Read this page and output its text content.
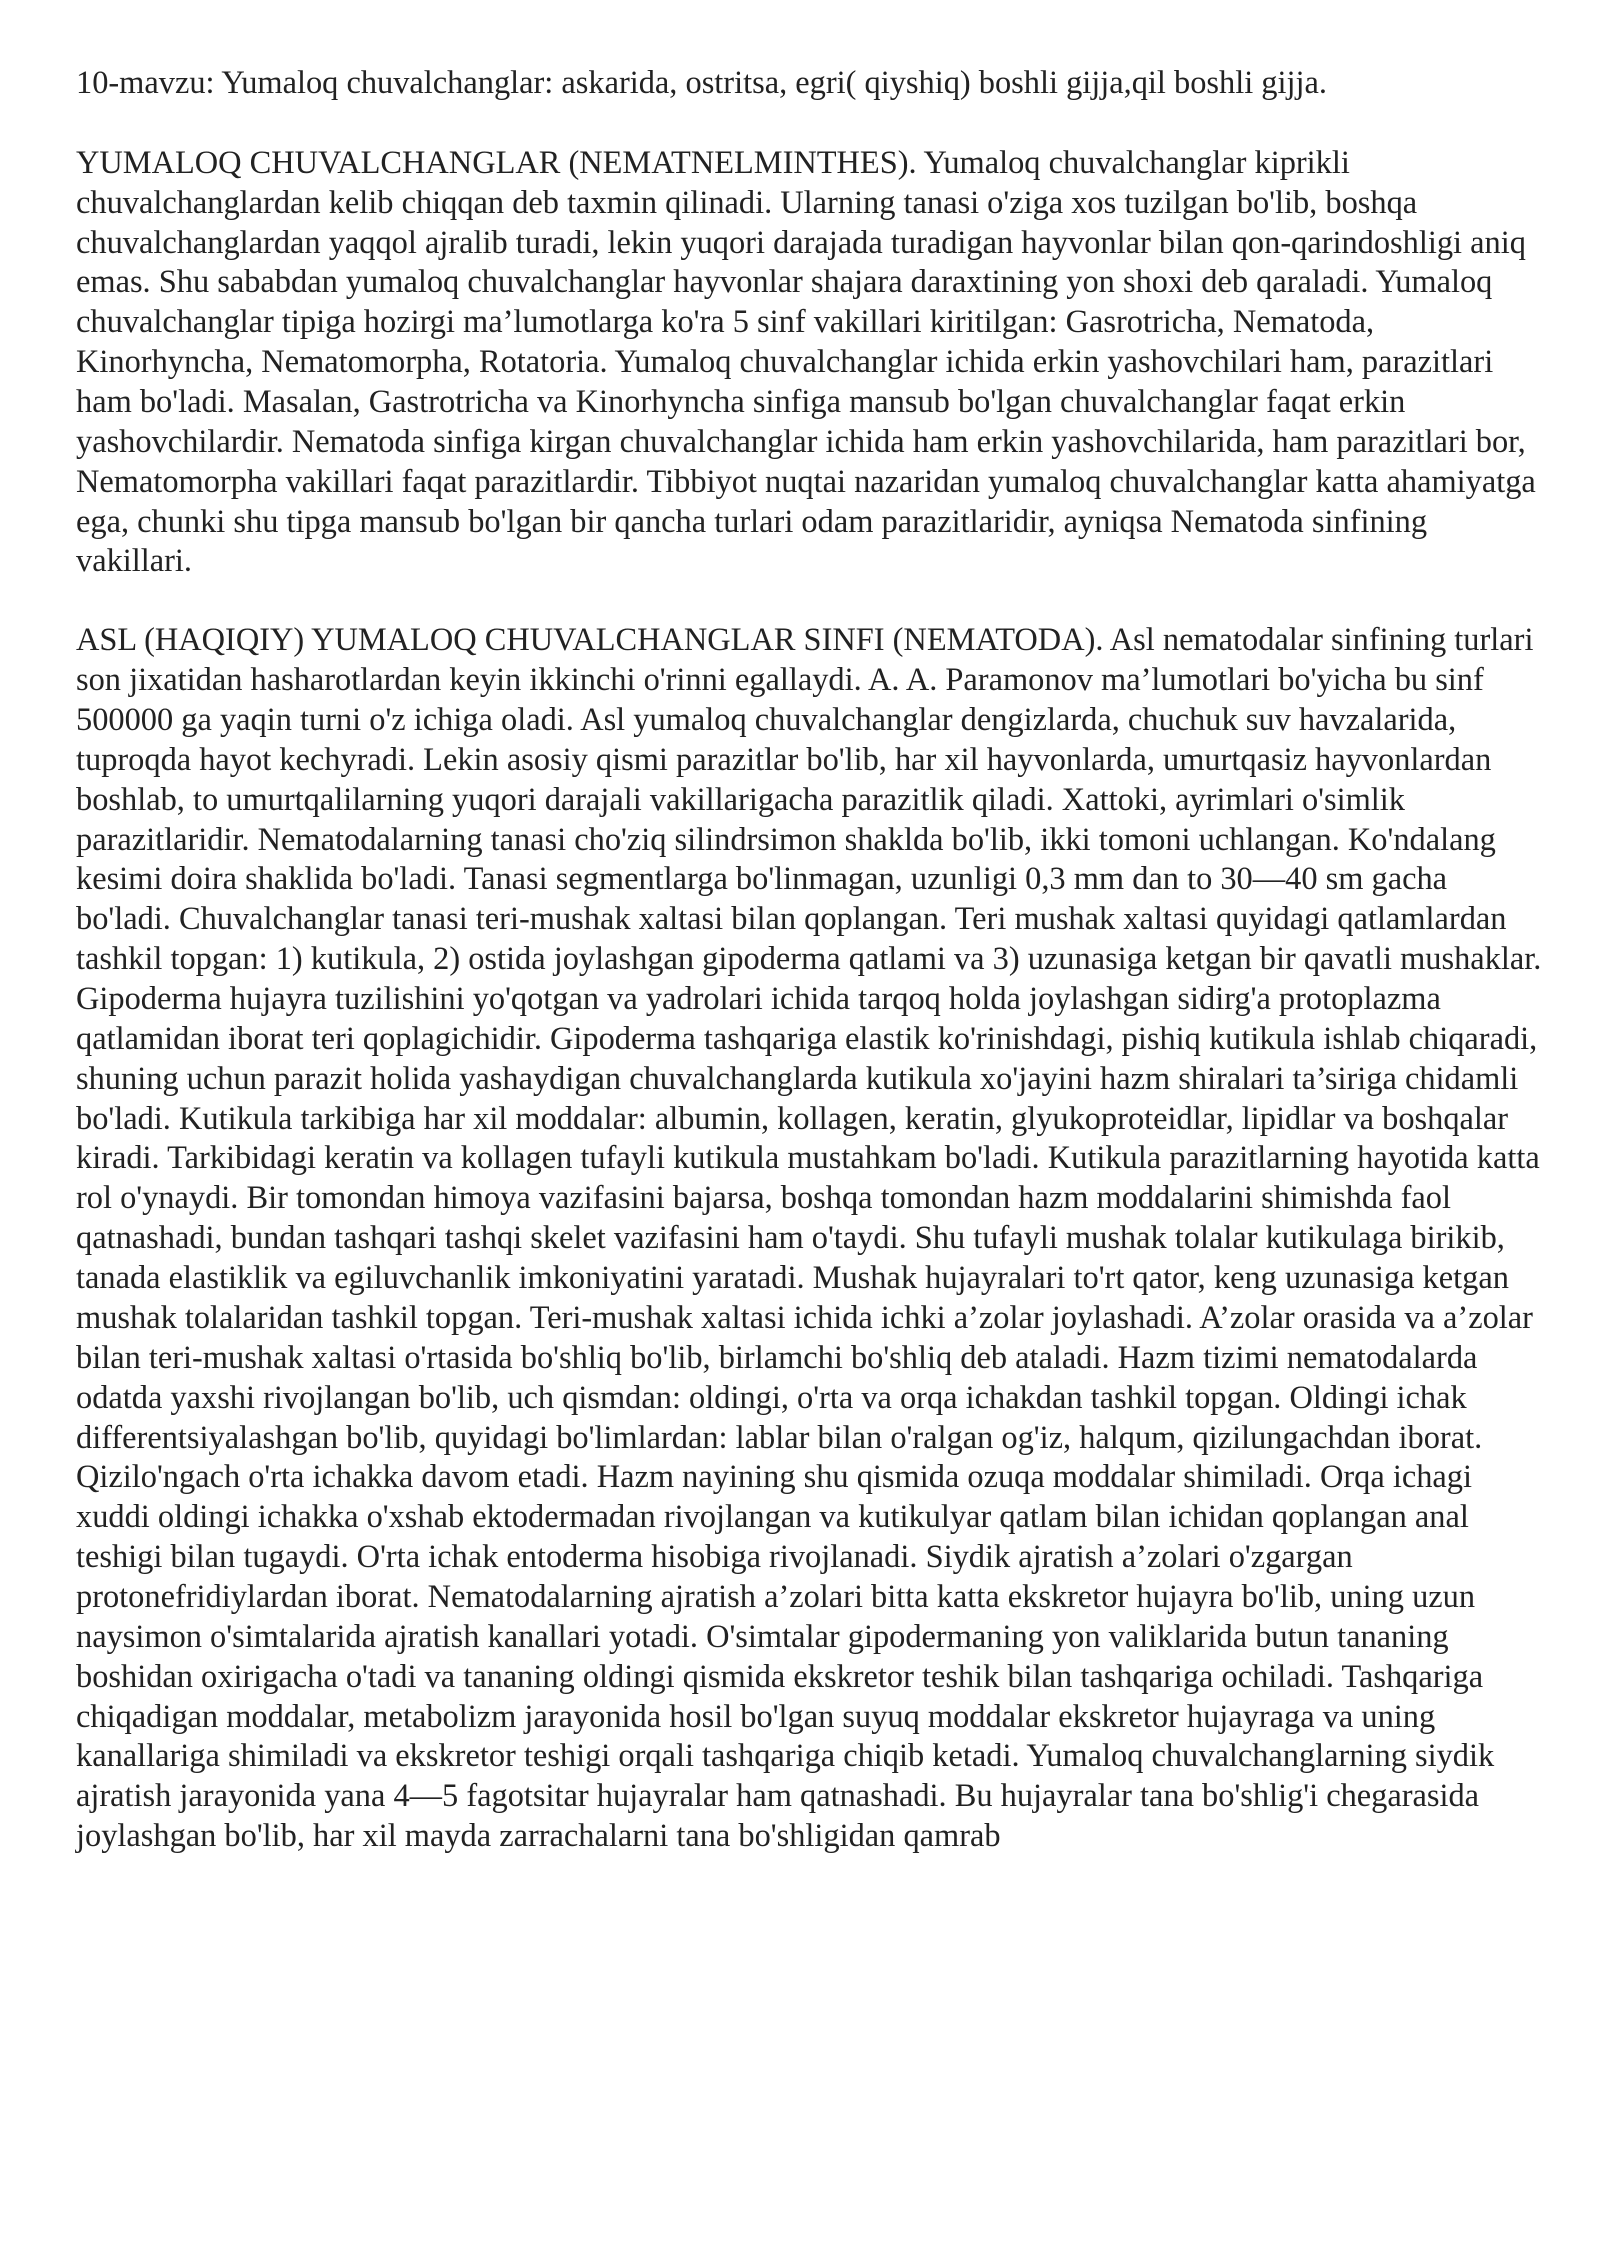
10-mavzu: Yumaloq chuvalchanglar: askarida, ostritsa, egri( qiyshiq) boshli gijja,qil boshli gijja.

YUMALOQ CHUVALCHANGLAR (NEMATNELMINTHES). Yumaloq chuvalchanglar kiprikli chuvalchanglardan kelib chiqqan deb taxmin qilinadi. Ularning tanasi o'ziga xos tuzilgan bo'lib, boshqa chuvalchanglardan yaqqol ajralib turadi, lekin yuqori darajada turadigan hayvonlar bilan qon-qarindoshligi aniq emas. Shu sababdan yumaloq chuvalchanglar hayvonlar shajara daraxtining yon shoxi deb qaraladi. Yumaloq chuvalchanglar tipiga hozirgi ma’lumotlarga ko'ra 5 sinf vakillari kiritilgan: Gasrotricha, Nematoda, Kinorhyncha, Nematomorpha, Rotatoria. Yumaloq chuvalchanglar ichida erkin yashovchilari ham, parazitlari ham bo'ladi. Masalan, Gastrotricha va Kinorhyncha sinfiga mansub bo'lgan chuvalchanglar faqat erkin yashovchilardir. Nematoda sinfiga kirgan chuvalchanglar ichida ham erkin yashovchilarida, ham parazitlari bor, Nematomorpha vakillari faqat parazitlardir. Tibbiyot nuqtai nazaridan yumaloq chuvalchanglar katta ahamiyatga ega, chunki shu tipga mansub bo'lgan bir qancha turlari odam parazitlaridir, ayniqsa Nematoda sinfining vakillari.

ASL (HAQIQIY) YUMALOQ CHUVALCHANGLAR SINFI (NEMATODA). Asl nematodalar sinfining turlari son jixatidan hasharotlardan keyin ikkinchi o'rinni egallaydi. A. A. Paramonov ma’lumotlari bo'yicha bu sinf 500000 ga yaqin turni o'z ichiga oladi. Asl yumaloq chuvalchanglar dengizlarda, chuchuk suv havzalarida, tuproqda hayot kechyradi. Lekin asosiy qismi parazitlar bo'lib, har xil hayvonlarda, umurtqasiz hayvonlardan boshlab, to umurtqalilarning yuqori darajali vakillarigacha parazitlik qiladi. Xattoki, ayrimlari o'simlik parazitlaridir. Nematodalarning tanasi cho'ziq silindrsimon shaklda bo'lib, ikki tomoni uchlangan. Ko'ndalang kesimi doira shaklida bo'ladi. Tanasi segmentlarga bo'linmagan, uzunligi 0,3 mm dan to 30—40 sm gacha bo'ladi. Chuvalchanglar tanasi teri-mushak xaltasi bilan qoplangan. Teri mushak xaltasi quyidagi qatlamlardan tashkil topgan: 1) kutikula, 2) ostida joylashgan gipoderma qatlami va 3) uzunasiga ketgan bir qavatli mushaklar. Gipoderma hujayra tuzilishini yo'qotgan va yadrolari ichida tarqoq holda joylashgan sidirg'a protoplazma qatlamidan iborat teri qoplagichidir. Gipoderma tashqariga elastik ko'rinishdagi, pishiq kutikula ishlab chiqaradi, shuning uchun parazit holida yashaydigan chuvalchanglarda kutikula xo'jayini hazm shiralari ta’siriga chidamli bo'ladi. Kutikula tarkibiga har xil moddalar: albumin, kollagen, keratin, glyukoproteidlar, lipidlar va boshqalar kiradi. Tarkibidagi keratin va kollagen tufayli kutikula mustahkam bo'ladi. Kutikula parazitlarning hayotida katta rol o'ynaydi. Bir tomondan himoya vazifasini bajarsa, boshqa tomondan hazm moddalarini shimishda faol qatnashadi, bundan tashqari tashqi skelet vazifasini ham o'taydi. Shu tufayli mushak tolalar kutikulaga birikib, tanada elastiklik va egiluvchanlik imkoniyatini yaratadi. Mushak hujayralari to'rt qator, keng uzunasiga ketgan mushak tolalaridan tashkil topgan. Teri-mushak xaltasi ichida ichki a’zolar joylashadi. A’zolar orasida va a’zolar bilan teri-mushak xaltasi o'rtasida bo'shliq bo'lib, birlamchi bo'shliq deb ataladi. Hazm tizimi nematodalarda odatda yaxshi rivojlangan bo'lib, uch qismdan: oldingi, o'rta va orqa ichakdan tashkil topgan. Oldingi ichak differentsiyalashgan bo'lib, quyidagi bo'limlardan: lablar bilan o'ralgan og'iz, halqum, qizilungachdan iborat. Qizilo'ngach o'rta ichakka davom etadi. Hazm nayining shu qismida ozuqa moddalar shimiladi. Orqa ichagi xuddi oldingi ichakka o'xshab ektodermadan rivojlangan va kutikulyar qatlam bilan ichidan qoplangan anal teshigi bilan tugaydi. O'rta ichak entoderma hisobiga rivojlanadi. Siydik ajratish a’zolari o'zgargan protonefridiylardan iborat. Nematodalarning ajratish a’zolari bitta katta ekskretor hujayra bo'lib, uning uzun naysimon o'simtalarida ajratish kanallari yotadi. O'simtalar gipodermaning yon valiklarida butun tananing boshidan oxirigacha o'tadi va tananing oldingi qismida ekskretor teshik bilan tashqariga ochiladi. Tashqariga chiqadigan moddalar, metabolizm jarayonida hosil bo'lgan suyuq moddalar ekskretor hujayraga va uning kanallariga shimiladi va ekskretor teshigi orqali tashqariga chiqib ketadi. Yumaloq chuvalchanglarning siydik ajratish jarayonida yana 4—5 fagotsitar hujayralar ham qatnashadi. Bu hujayralar tana bo'shlig'i chegarasida joylashgan bo'lib, har xil mayda zarrachalarni tana bo'shligidan qamrab
